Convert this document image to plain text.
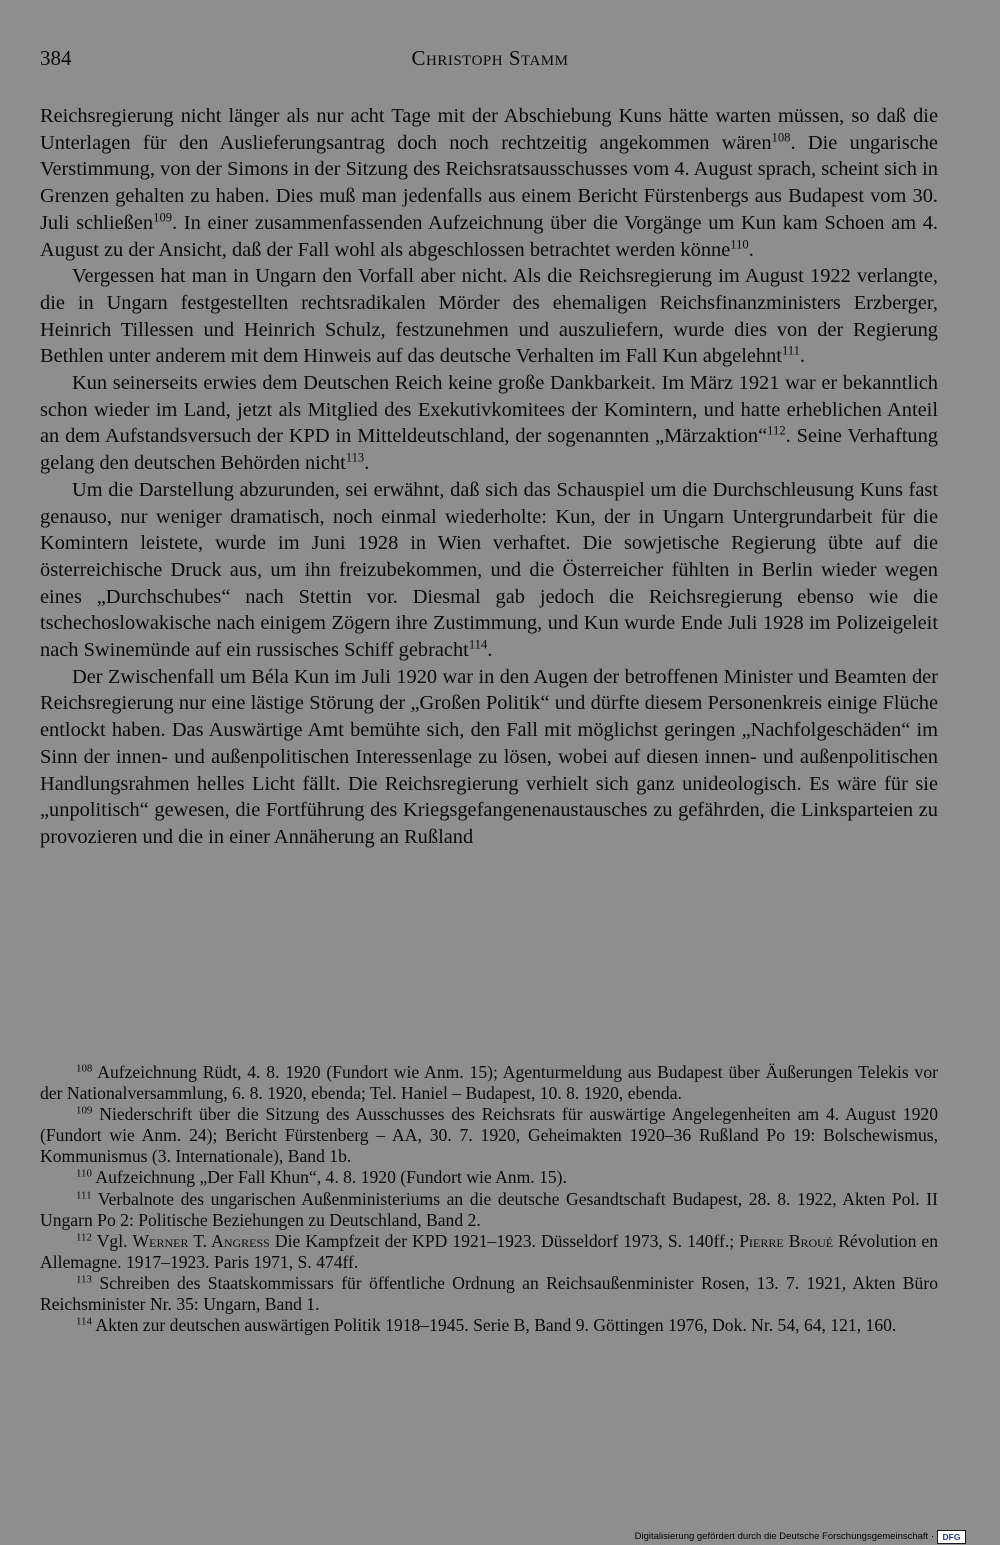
384	Christoph Stamm

Reichsregierung nicht länger als nur acht Tage mit der Abschiebung Kuns hätte warten müssen, so daß die Unterlagen für den Auslieferungsantrag doch noch rechtzeitig angekommen wären$^{108}$. Die ungarische Verstimmung, von der Simons in der Sitzung des Reichsratsausschusses vom 4. August sprach, scheint sich in Grenzen gehalten zu haben. Dies muß man jedenfalls aus einem Bericht Fürstenbergs aus Budapest vom 30. Juli schließen$^{109}$. In einer zusammenfassenden Aufzeichnung über die Vorgänge um Kun kam Schoen am 4. August zu der Ansicht, daß der Fall wohl als abgeschlossen betrachtet werden könne$^{110}$.

Vergessen hat man in Ungarn den Vorfall aber nicht. Als die Reichsregierung im August 1922 verlangte, die in Ungarn festgestellten rechtsradikalen Mörder des ehemaligen Reichsfinanzministers Erzberger, Heinrich Tillessen und Heinrich Schulz, festzunehmen und auszuliefern, wurde dies von der Regierung Bethlen unter anderem mit dem Hinweis auf das deutsche Verhalten im Fall Kun abgelehnt$^{111}$.

Kun seinerseits erwies dem Deutschen Reich keine große Dankbarkeit. Im März 1921 war er bekanntlich schon wieder im Land, jetzt als Mitglied des Exekutivkomitees der Komintern, und hatte erheblichen Anteil an dem Aufstandsversuch der KPD in Mitteldeutschland, der sogenannten „Märzaktion“$^{112}$. Seine Verhaftung gelang den deutschen Behörden nicht$^{113}$.

Um die Darstellung abzurunden, sei erwähnt, daß sich das Schauspiel um die Durchschleusung Kuns fast genauso, nur weniger dramatisch, noch einmal wiederholte: Kun, der in Ungarn Untergrundarbeit für die Komintern leistete, wurde im Juni 1928 in Wien verhaftet. Die sowjetische Regierung übte auf die österreichische Druck aus, um ihn freizubekommen, und die Österreicher fühlten in Berlin wieder wegen eines „Durchschubes“ nach Stettin vor. Diesmal gab jedoch die Reichsregierung ebenso wie die tschechoslowakische nach einigem Zögern ihre Zustimmung, und Kun wurde Ende Juli 1928 im Polizeigeleit nach Swinemünde auf ein russisches Schiff gebracht$^{114}$.

Der Zwischenfall um Béla Kun im Juli 1920 war in den Augen der betroffenen Minister und Beamten der Reichsregierung nur eine lästige Störung der „Großen Politik“ und dürfte diesem Personenkreis einige Flüche entlockt haben. Das Auswärtige Amt bemühte sich, den Fall mit möglichst geringen „Nachfolgeschäden“ im Sinn der innen- und außenpolitischen Interessenlage zu lösen, wobei auf diesen innen- und außenpolitischen Handlungsrahmen helles Licht fällt. Die Reichsregierung verhielt sich ganz unideologisch. Es wäre für sie „unpolitisch“ gewesen, die Fortführung des Kriegsgefangenenaustausches zu gefährden, die Linksparteien zu provozieren und die in einer Annäherung an Rußland

$^{108}$ Aufzeichnung Rüdt, 4. 8. 1920 (Fundort wie Anm. 15); Agenturmeldung aus Budapest über Äußerungen Telekis vor der Nationalversammlung, 6. 8. 1920, ebenda; Tel. Haniel – Budapest, 10. 8. 1920, ebenda.

$^{109}$ Niederschrift über die Sitzung des Ausschusses des Reichsrats für auswärtige Angelegenheiten am 4. August 1920 (Fundort wie Anm. 24); Bericht Fürstenberg – AA, 30. 7. 1920, Geheimakten 1920–36 Rußland Po 19: Bolschewismus, Kommunismus (3. Internationale), Band 1b.

$^{110}$ Aufzeichnung „Der Fall Khun“, 4. 8. 1920 (Fundort wie Anm. 15).

$^{111}$ Verbalnote des ungarischen Außenministeriums an die deutsche Gesandtschaft Budapest, 28. 8. 1922, Akten Pol. II Ungarn Po 2: Politische Beziehungen zu Deutschland, Band 2.

$^{112}$ Vgl. Werner T. Angress Die Kampfzeit der KPD 1921–1923. Düsseldorf 1973, S. 140ff.; Pierre Broué Révolution en Allemagne. 1917–1923. Paris 1971, S. 474ff.

$^{113}$ Schreiben des Staatskommissars für öffentliche Ordnung an Reichsaußenminister Rosen, 13. 7. 1921, Akten Büro Reichsminister Nr. 35: Ungarn, Band 1.

$^{114}$ Akten zur deutschen auswärtigen Politik 1918–1945. Serie B, Band 9. Göttingen 1976, Dok. Nr. 54, 64, 121, 160.

Digitalisierung gefördert durch die Deutsche Forschungsgemeinschaft ·	DFG
